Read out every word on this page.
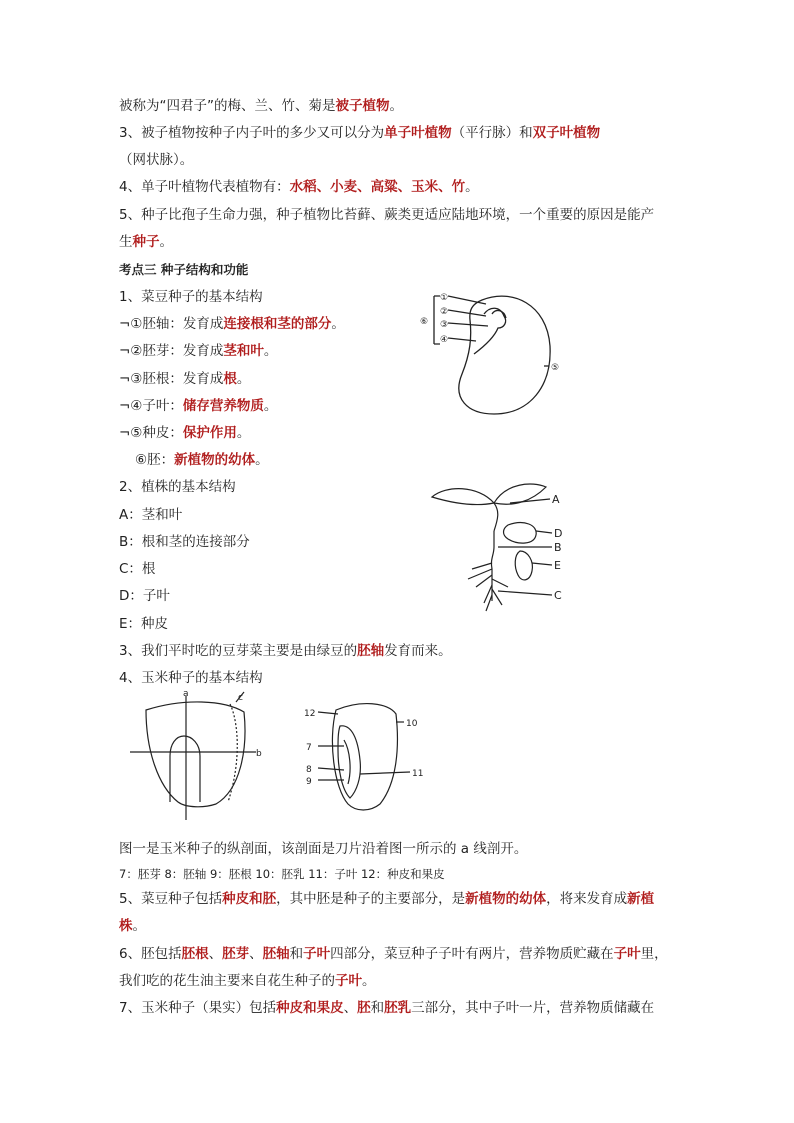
被称为“四君子”的梅、兰、竹、菊是被子植物。
3、被子植物按种子内子叶的多少又可以分为单子叶植物（平行脉）和双子叶植物
（网状脉）。
4、单子叶植物代表植物有：水稻、小麦、高粱、玉米、竹。
5、种子比孢子生命力强，种子植物比苔藓、蕨类更适应陆地环境，一个重要的原因是能产
生种子。
考点三 种子结构和功能
1、菜豆种子的基本结构
¬①胚轴：发育成连接根和茎的部分。
¬②胚芽：发育成茎和叶。
¬③胚根：发育成根。
¬④子叶：储存营养物质。
¬⑤种皮：保护作用。
⑥胚：新植物的幼体。
2、植株的基本结构
A：茎和叶
B：根和茎的连接部分
C：根
D：子叶
E：种皮
3、我们平时吃的豆芽菜主要是由绿豆的胚轴发育而来。
4、玉米种子的基本结构
图一是玉米种子的纵剖面，该剖面是刀片沿着图一所示的 a 线剖开。
7：胚芽 8：胚轴 9：胚根 10：胚乳 11：子叶 12：种皮和果皮
5、菜豆种子包括种皮和胚，其中胚是种子的主要部分，是新植物的幼体，将来发育成新植
株。
6、胚包括胚根、胚芽、胚轴和子叶四部分，菜豆种子子叶有两片，营养物质贮藏在子叶里，
我们吃的花生油主要来自花生种子的子叶。
7、玉米种子（果实）包括种皮和果皮、胚和胚乳三部分，其中子叶一片，营养物质储藏在
①
②
③
④
⑤
⑥
A
D
B
E
C
a	c
b
12
10
7
8
9
11
